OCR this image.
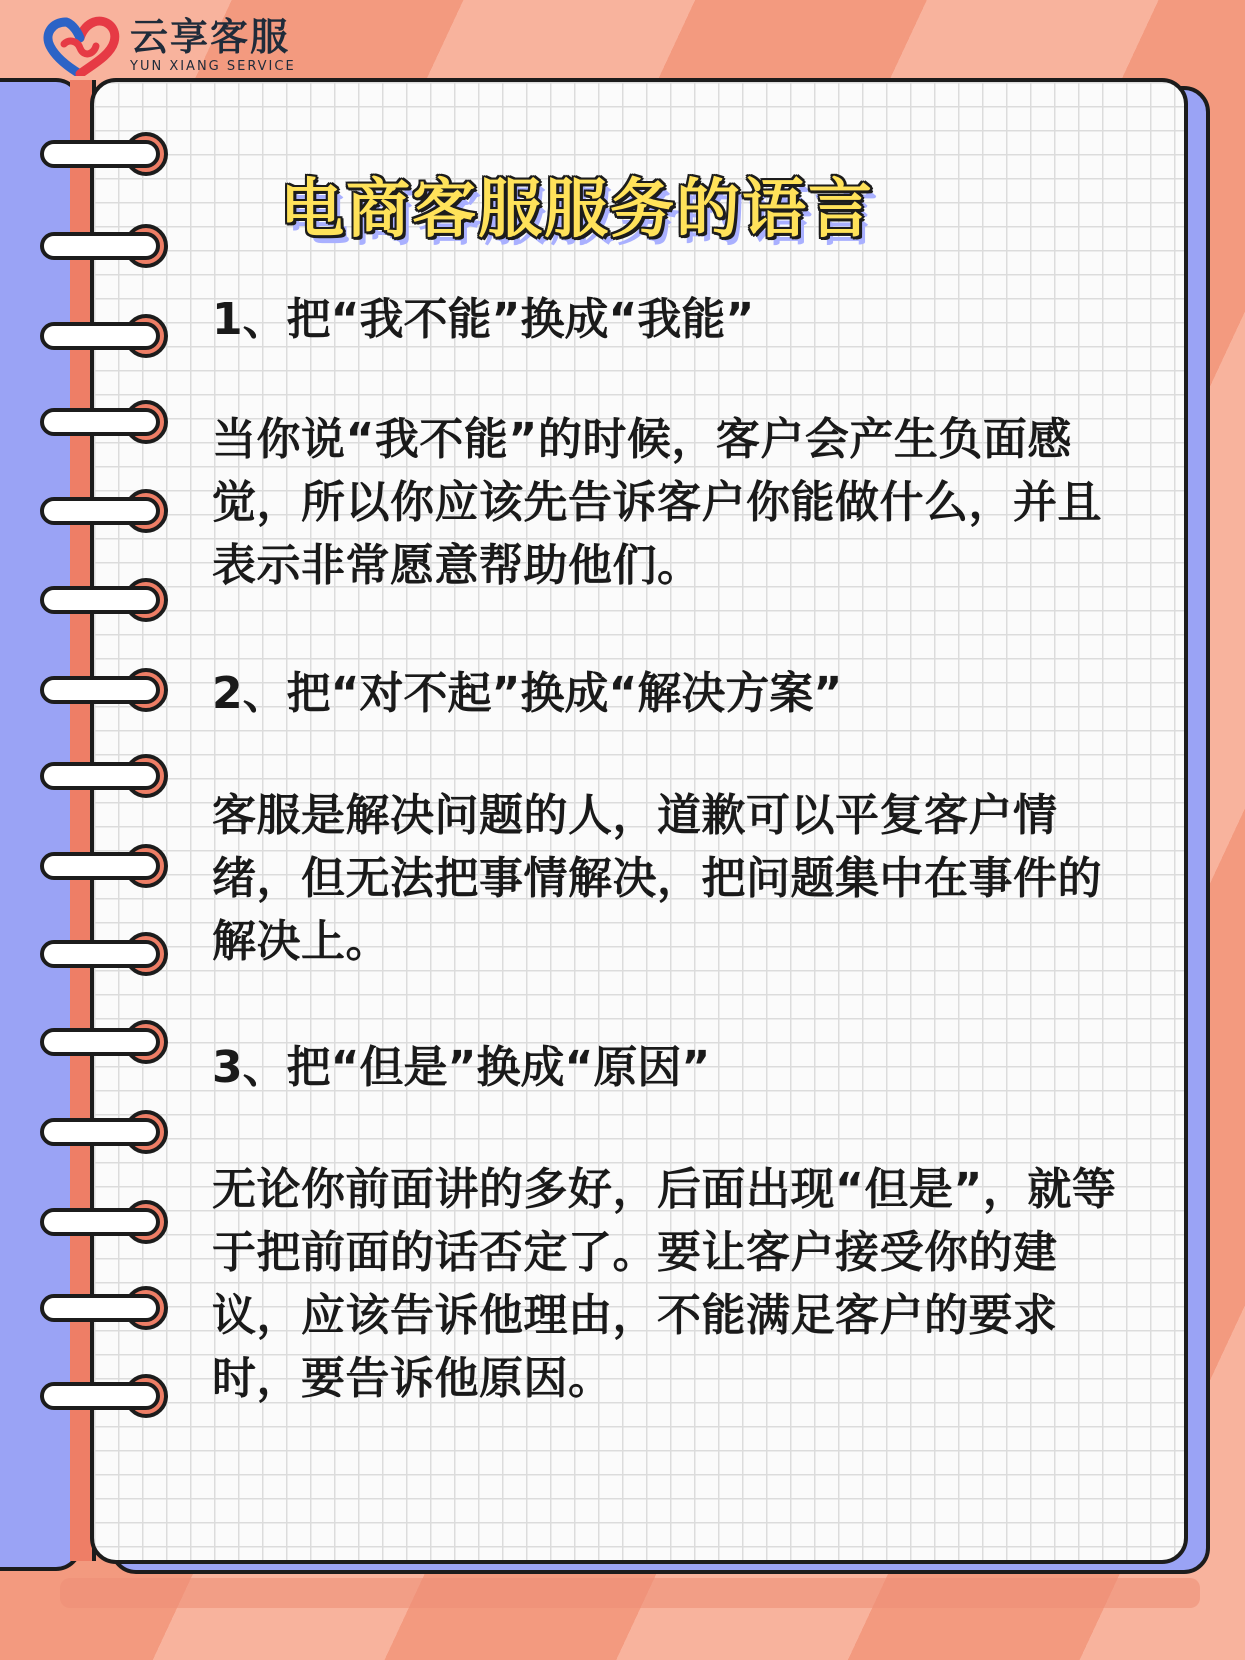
云享客服
YUN XIANG SERVICE
电商客服服务的语言
1、把“我不能”换成“我能”
当你说“我不能”的时候，客户会产生负面感觉，所以你应该先告诉客户你能做什么，并且表示非常愿意帮助他们。
2、把“对不起”换成“解决方案”
客服是解决问题的人，道歉可以平复客户情绪，但无法把事情解决，把问题集中在事件的解决上。
3、把“但是”换成“原因”
无论你前面讲的多好，后面出现“但是”，就等于把前面的话否定了。要让客户接受你的建议，应该告诉他理由，不能满足客户的要求时，要告诉他原因。
